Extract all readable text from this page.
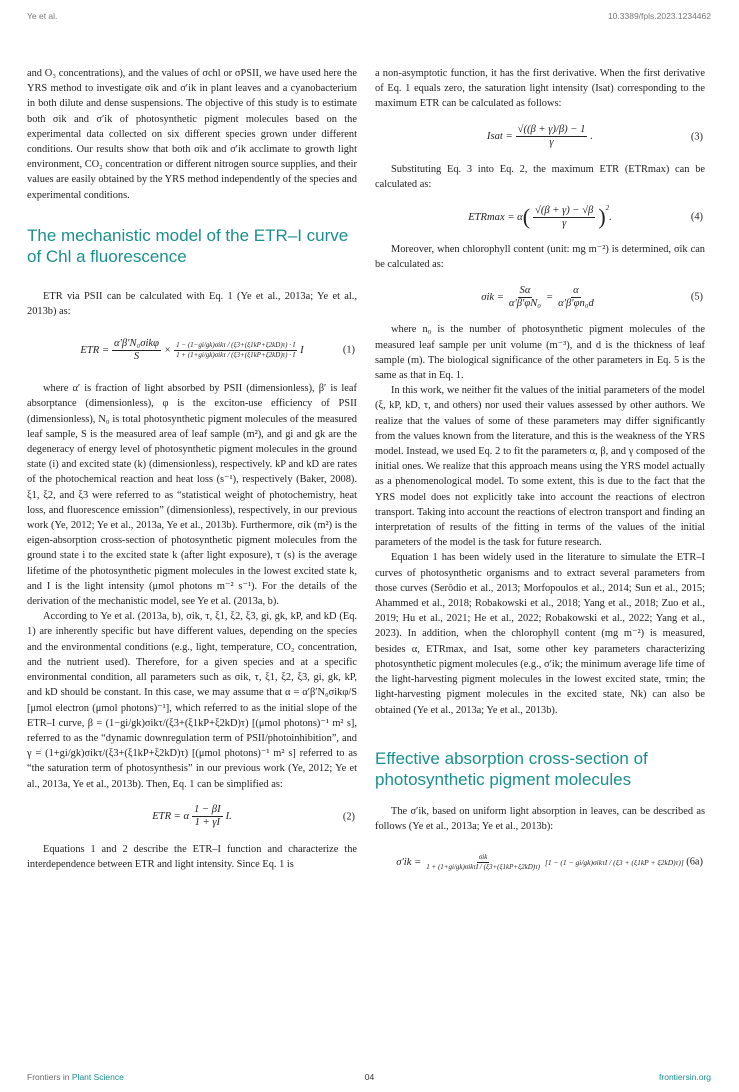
Ye et al.	10.3389/fpls.2023.1234462

and O₃ concentrations), and the values of σchl or σPSII, we have used here the YRS method to investigate σik and σ′ik in plant leaves and a cyanobacterium in both dilute and dense suspensions. The objective of this study is to estimate both σik and σ′ik of photosynthetic pigment molecules based on the experimental data collected on six different species grown under different conditions. Our results show that both σik and σ′ik acclimate to growth light environment, CO₂ concentration or different nitrogen source supplies, and their values are easily obtained by the YRS method independently of the species and experimental conditions.

The mechanistic model of the ETR–I curve of Chl a fluorescence

ETR via PSII can be calculated with Eq. 1 (Ye et al., 2013a; Ye et al., 2013b) as:

ETR = $\frac{\text{α′β′N₀σikφ}}{S} \times \frac{\text{1 − (1−gi/gk)σikτ / (ξ3+(ξ1kP+ξ2kD)τ) · I}}{\text{1 + (1+gi/gk)σikτ / (ξ3+(ξ1kP+ξ2kD)τ) · I}}$ I	(1)

where α′ is fraction of light absorbed by PSII (dimensionless), β′ is leaf absorptance (dimensionless), φ is the exciton-use efficiency of PSII (dimensionless), N₀ is total photosynthetic pigment molecules of the measured leaf sample, S is the measured area of leaf sample (m²), and gi and gk are the degeneracy of energy level of photosynthetic pigment molecules in the ground state (i) and excited state (k) (dimensionless), respectively. kP and kD are rates of the photochemical reaction and heat loss (s⁻¹), respectively (Baker, 2008). ξ1, ξ2, and ξ3 were referred to as “statistical weight of photochemistry, heat loss, and fluorescence emission” (dimensionless), respectively, in our previous work (Ye, 2012; Ye et al., 2013a, Ye et al., 2013b). Furthermore, σik (m²) is the eigen-absorption cross-section of photosynthetic pigment molecules from the ground state i to the excited state k (after light exposure), τ (s) is the average lifetime of the photosynthetic pigment molecules in the lowest excited state k, and I is the light intensity (μmol photons m⁻² s⁻¹). For the details of the derivation of the mechanistic model, see Ye et al. (2013a, b).

According to Ye et al. (2013a, b), σik, τ, ξ1, ξ2, ξ3, gi, gk, kP, and kD (Eq. 1) are inherently specific but have different values, depending on the species and the environmental conditions (e.g., light, temperature, CO₂ concentration, and the nutrient used). Therefore, for a given species and at a specific environmental condition, all parameters such as σik, τ, ξ1, ξ2, ξ3, gi, gk, kP, and kD should be constant. In this case, we may assume that α = α′β′N₀σikφ/S [μmol electron (μmol photons)⁻¹], which referred to as the initial slope of the ETR–I curve, β = (1−gi/gk)σikτ/(ξ3+(ξ1kP+ξ2kD)τ) [(μmol photons)⁻¹ m² s], referred to as the “dynamic downregulation term of PSII/photoinhibition”, and γ = (1+gi/gk)σikτ/(ξ3+(ξ1kP+ξ2kD)τ) [(μmol photons)⁻¹ m² s] referred to as “the saturation term of photosynthesis” in our previous work (Ye, 2012; Ye et al., 2013a, Ye et al., 2013b). Then, Eq. 1 can be simplified as:

ETR = α $\frac{1 - \beta I}{1 + \gamma I} I$.	(2)

Equations 1 and 2 describe the ETR–I function and characterize the interdependence between ETR and light intensity. Since Eq. 1 is

a non-asymptotic function, it has the first derivative. When the first derivative of Eq. 1 equals zero, the saturation light intensity (Isat) corresponding to the maximum ETR can be calculated as follows:

Isat = $\frac{√((\beta + \gamma)/\beta) - 1}{\gamma}$ .	(3)

Substituting Eq. 3 into Eq. 2, the maximum ETR (ETRmax) can be calculated as:

ETRmax = α ( $\frac{√(\beta + \gamma) - √\beta}{\gamma} )^2$
.	(4)

Moreover, when chlorophyll content (unit: mg m⁻²) is determined, σik can be calculated as:

$\sigma ik = \frac{S\alpha}{\text{α′β′φN₀}} = \frac{\alpha}{\text{α′β′φn₀d}}$	(5)

where n₀ is the number of photosynthetic pigment molecules of the measured leaf sample per unit volume (m⁻³), and d is the thickness of leaf sample (m). The biological significance of the other parameters in Eq. 5 is the same as that in Eq. 1.

In this work, we neither fit the values of the initial parameters of the model (ξ, kP, kD, τ, and others) nor used their values assessed by other authors. We realize that the values of some of these parameters may differ significantly from the values known from the literature, and this is the weakness of the YRS model. Instead, we used Eq. 2 to fit the parameters α, β, and γ composed of the initial ones. We realize that this approach means using the YRS model actually as a phenomenological model. To some extent, this is due to the fact that the YRS model does not explicitly take into account the reactions of electron transport. Taking into account the reactions of electron transport and finding an interpretation of results of the fitting in terms of the values of the initial parameters of the model is the task for future research.

Equation 1 has been widely used in the literature to simulate the ETR–I curves of photosynthetic organisms and to extract several parameters from those curves (Serôdio et al., 2013; Morfopoulos et al., 2014; Sun et al., 2015; Ahammed et al., 2018; Robakowski et al., 2018; Yang et al., 2018; Zuo et al., 2019; Hu et al., 2021; He et al., 2022; Robakowski et al., 2022; Yang et al., 2023). In addition, when the chlorophyll content (mg m⁻²) is measured, besides α, ETRmax, and Isat, some other key parameters characterizing photosynthetic pigment molecules (e.g., σ′ik; the minimum average life time of the light-harvesting pigment molecules in the lowest excited state, τmin; the light-harvesting pigment molecules in the excited state, Nk) can also be obtained (Ye et al., 2013a; Ye et al., 2013b).

Effective absorption cross-section of photosynthetic pigment molecules

The σ′ik, based on uniform light absorption in leaves, can be described as follows (Ye et al., 2013a; Ye et al., 2013b):

$\sigma'ik = \frac{\text{σik}}{\text{1 + (1+gi/gk)σikτI / (ξ3+(ξ1kP+ξ2kD)τ)}} [1 - (1 - gi/gk)\sigma ik\tau I / (\xi 3 + (\xi 1kP + \xi 2kD)\tau)]$ (6a)
Frontiers in Plant Science	04	frontiersin.org
